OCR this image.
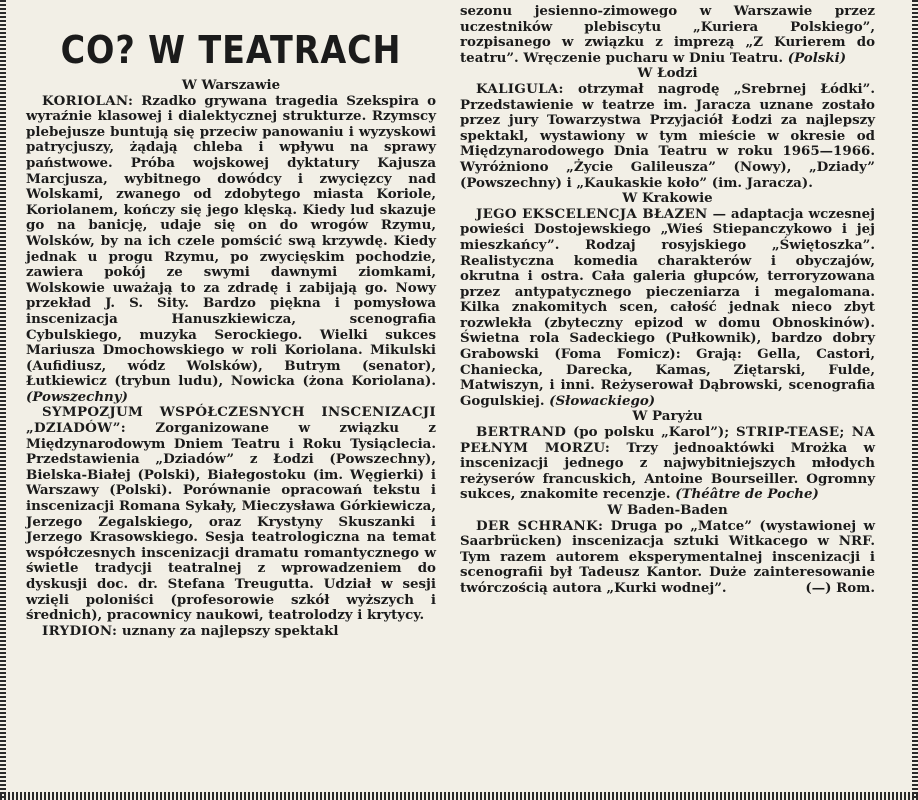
CO? W TEATRACH
W Warszawie

KORIOLAN: Rzadko grywana tragedia Szekspira o wyraźnie klasowej i dialektycznej strukturze. Rzymscy plebejusze buntują się przeciw panowaniu i wyzyskowi patrycjuszy, żądają chleba i wpływu na sprawy państwowe. Próba wojskowej dyktatury Kajusza Marcjusza, wybitnego dowódcy i zwycięzcy nad Wolskami, zwanego od zdobytego miasta Koriole, Koriolanem, kończy się jego klęską. Kiedy lud skazuje go na banicję, udaje się on do wrogów Rzymu, Wolsków, by na ich czele pomścić swą krzywdę. Kiedy jednak u progu Rzymu, po zwycięskim pochodzie, zawiera pokój ze swymi dawnymi ziomkami, Wolskowie uważają to za zdradę i zabijają go. Nowy przekład J. S. Sity. Bardzo piękna i pomysłowa inscenizacja Hanuszkiewicza, scenografia Cybulskiego, muzyka Serockiego. Wielki sukces Mariusza Dmochowskiego w roli Koriolana. Mikulski (Aufidiusz, wódz Wolsków), Butrym (senator), Łutkiewicz (trybun ludu), Nowicka (żona Koriolana). (Powszechny)

SYMPOZJUM WSPÓŁCZESNYCH INSCENIZACJI „DZIADÓW”: Zorganizowane w związku z Międzynarodowym Dniem Teatru i Roku Tysiąclecia. Przedstawienia „Dziadów” z Łodzi (Powszechny), Bielska-Białej (Polski), Białegostoku (im. Węgierki) i Warszawy (Polski). Porównanie opracowań tekstu i inscenizacji Romana Sykały, Mieczysława Górkiewicza, Jerzego Zegalskiego, oraz Krystyny Skuszanki i Jerzego Krasowskiego. Sesja teatrologiczna na temat współczesnych inscenizacji dramatu romantycznego w świetle tradycji teatralnej z wprowadzeniem do dyskusji doc. dr. Stefana Treugutta. Udział w sesji wzięli poloniści (profesorowie szkół wyższych i średnich), pracownicy naukowi, teatrolodzy i krytycy.

IRYDION: uznany za najlepszy spektakl

sezonu jesienno-zimowego w Warszawie przez uczestników plebiscytu „Kuriera Polskiego”, rozpisanego w związku z imprezą „Z Kurierem do teatru”. Wręczenie pucharu w Dniu Teatru. (Polski)

W Łodzi

KALIGULA: otrzymał nagrodę „Srebrnej Łódki”. Przedstawienie w teatrze im. Jaracza uznane zostało przez jury Towarzystwa Przyjaciół Łodzi za najlepszy spektakl, wystawiony w tym mieście w okresie od Międzynarodowego Dnia Teatru w roku 1965—1966. Wyróżniono „Życie Galileusza” (Nowy), „Dziady” (Powszechny) i „Kaukaskie koło” (im. Jaracza).

W Krakowie

JEGO EKSCELENCJA BŁAZEN — adaptacja wczesnej powieści Dostojewskiego „Wieś Stiepanczykowo i jej mieszkańcy”. Rodzaj rosyjskiego „Świętoszka”. Realistyczna komedia charakterów i obyczajów, okrutna i ostra. Cała galeria głupców, terroryzowana przez antypatycznego pieczeniarza i megalomana. Kilka znakomitych scen, całość jednak nieco zbyt rozwlekła (zbyteczny epizod w domu Obnoskinów). Świetna rola Sadeckiego (Pułkownik), bardzo dobry Grabowski (Foma Fomicz): Grają: Gella, Castori, Chaniecka, Darecka, Kamas, Ziętarski, Fulde, Matwiszyn, i inni. Reżyserował Dąbrowski, scenografia Gogulskiej. (Słowackiego)

W Paryżu

BERTRAND (po polsku „Karol”); STRIP-TEASE; NA PEŁNYM MORZU: Trzy jednoaktówki Mrożka w inscenizacji jednego z najwybitniejszych młodych reżyserów francuskich, Antoine Bourseiller. Ogromny sukces, znakomite recenzje. (Théâtre de Poche)

W Baden-Baden

DER SCHRANK: Druga po „Matce” (wystawionej w Saarbrücken) inscenizacja sztuki Witkacego w NRF. Tym razem autorem eksperymentalnej inscenizacji i scenografii był Tadeusz Kantor. Duże zainteresowanie twórczością autora „Kurki wodnej”.	(—) Rom.
